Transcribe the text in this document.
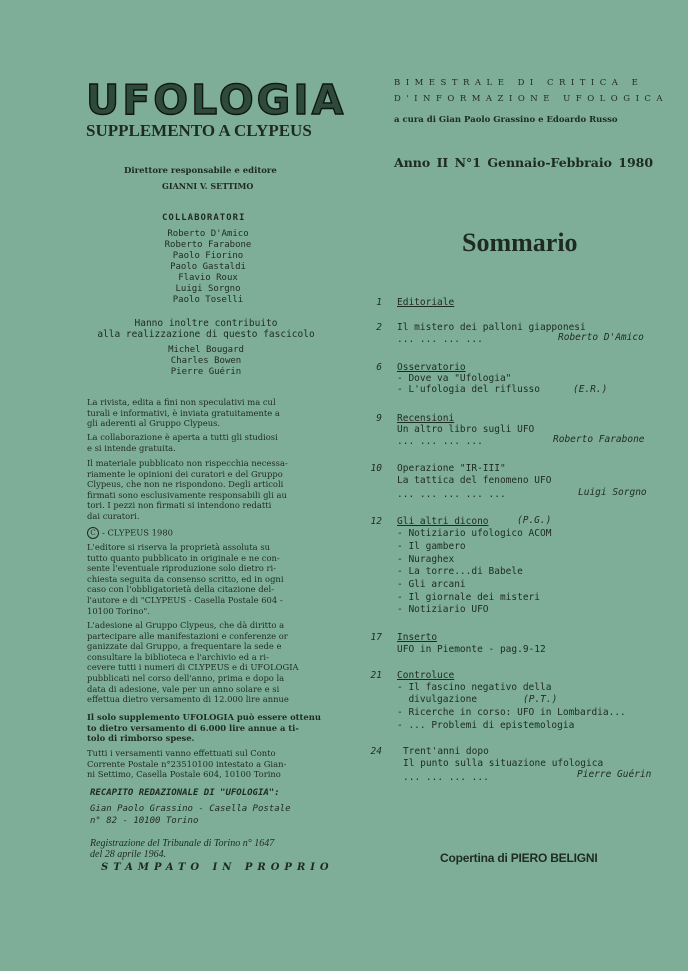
UFOLOGIA
SUPPLEMENTO A CLYPEUS
BIMESTRALE DI CRITICA E
D'INFORMAZIONE UFOLOGICA
a cura di Gian Paolo Grassino e Edoardo Russo
Anno II N°1 Gennaio-Febbraio 1980
Direttore responsabile e editore
GIANNI V. SETTIMO
COLLABORATORI
Roberto D'Amico
Roberto Farabone
Paolo Fiorino
Paolo Gastaldi
Flavio Roux
Luigi Sorgno
Paolo Toselli
Hanno inoltre contribuito
alla realizzazione di questo fascicolo
Michel Bougard
Charles Bowen
Pierre Guérin
La rivista, edita a fini non speculativi ma cul
turali e informativi, è inviata gratuitamente a
gli aderenti al Gruppo Clypeus.
La collaborazione è aperta a tutti gli studiosi
e si intende gratuita.
Il materiale pubblicato non rispecchia necessa-
riamente le opinioni dei curatori e del Gruppo
Clypeus, che non ne rispondono. Degli articoli
firmati sono esclusivamente responsabili gli au
tori. I pezzi non firmati si intendono redatti
dai curatori.
C - CLYPEUS 1980
L'editore si riserva la proprietà assoluta su
tutto quanto pubblicato in originale e ne con-
sente l'eventuale riproduzione solo dietro ri-
chiesta seguita da consenso scritto, ed in ogni
caso con l'obbligatorietà della citazione del-
l'autore e di "CLYPEUS - Casella Postale 604 -
10100 Torino".
L'adesione al Gruppo Clypeus, che dà diritto a
partecipare alle manifestazioni e conferenze or
ganizzate dal Gruppo, a frequentare la sede e
consultare la biblioteca e l'archivio ed a ri-
cevere tutti i numeri di CLYPEUS e di UFOLOGIA
pubblicati nel corso dell'anno, prima e dopo la
data di adesione, vale per un anno solare e si
effettua dietro versamento di 12.000 lire annue
Il solo supplemento UFOLOGIA può essere ottenu
to dietro versamento di 6.000 lire annue a ti-
tolo di rimborso spese.
Tutti i versamenti vanno effettuati sul Conto
Corrente Postale n°23510100 intestato a Gian-
ni Settimo, Casella Postale 604, 10100 Torino
RECAPITO REDAZIONALE DI "UFOLOGIA":
Gian Paolo Grassino - Casella Postale
n° 82 - 10100 Torino
Registrazione del Tribunale di Torino n° 1647
del 28 aprile 1964.
STAMPATO IN PROPRIO
Sommario
1 Editoriale
2 Il mistero dei palloni giapponesi
... ... ... ...	Roberto D'Amico
6 Osservatorio
- Dove va "Ufologia"
- L'ufologia del riflusso	(E.R.)
9 Recensioni
Un altro libro sugli UFO
... ... ... ...	Roberto Farabone
10 Operazione "IR-III"
La tattica del fenomeno UFO
... ... ... ... ...	Luigi Sorgno
12 Gli altri dicono	(P.G.)
- Notiziario ufologico ACOM
- Il gambero
- Nuraghex
- La torre...di Babele
- Gli arcani
- Il giornale dei misteri
- Notiziario UFO
17 Inserto
UFO in Piemonte - pag.9-12
21 Controluce
- Il fascino negativo della
divulgazione	(P.T.)
- Ricerche in corso: UFO in Lombardia...
- ... Problemi di epistemologia
24 Trent'anni dopo
Il punto sulla situazione ufologica
... ... ... ...	Pierre Guérin
Copertina di PIERO BELIGNI
